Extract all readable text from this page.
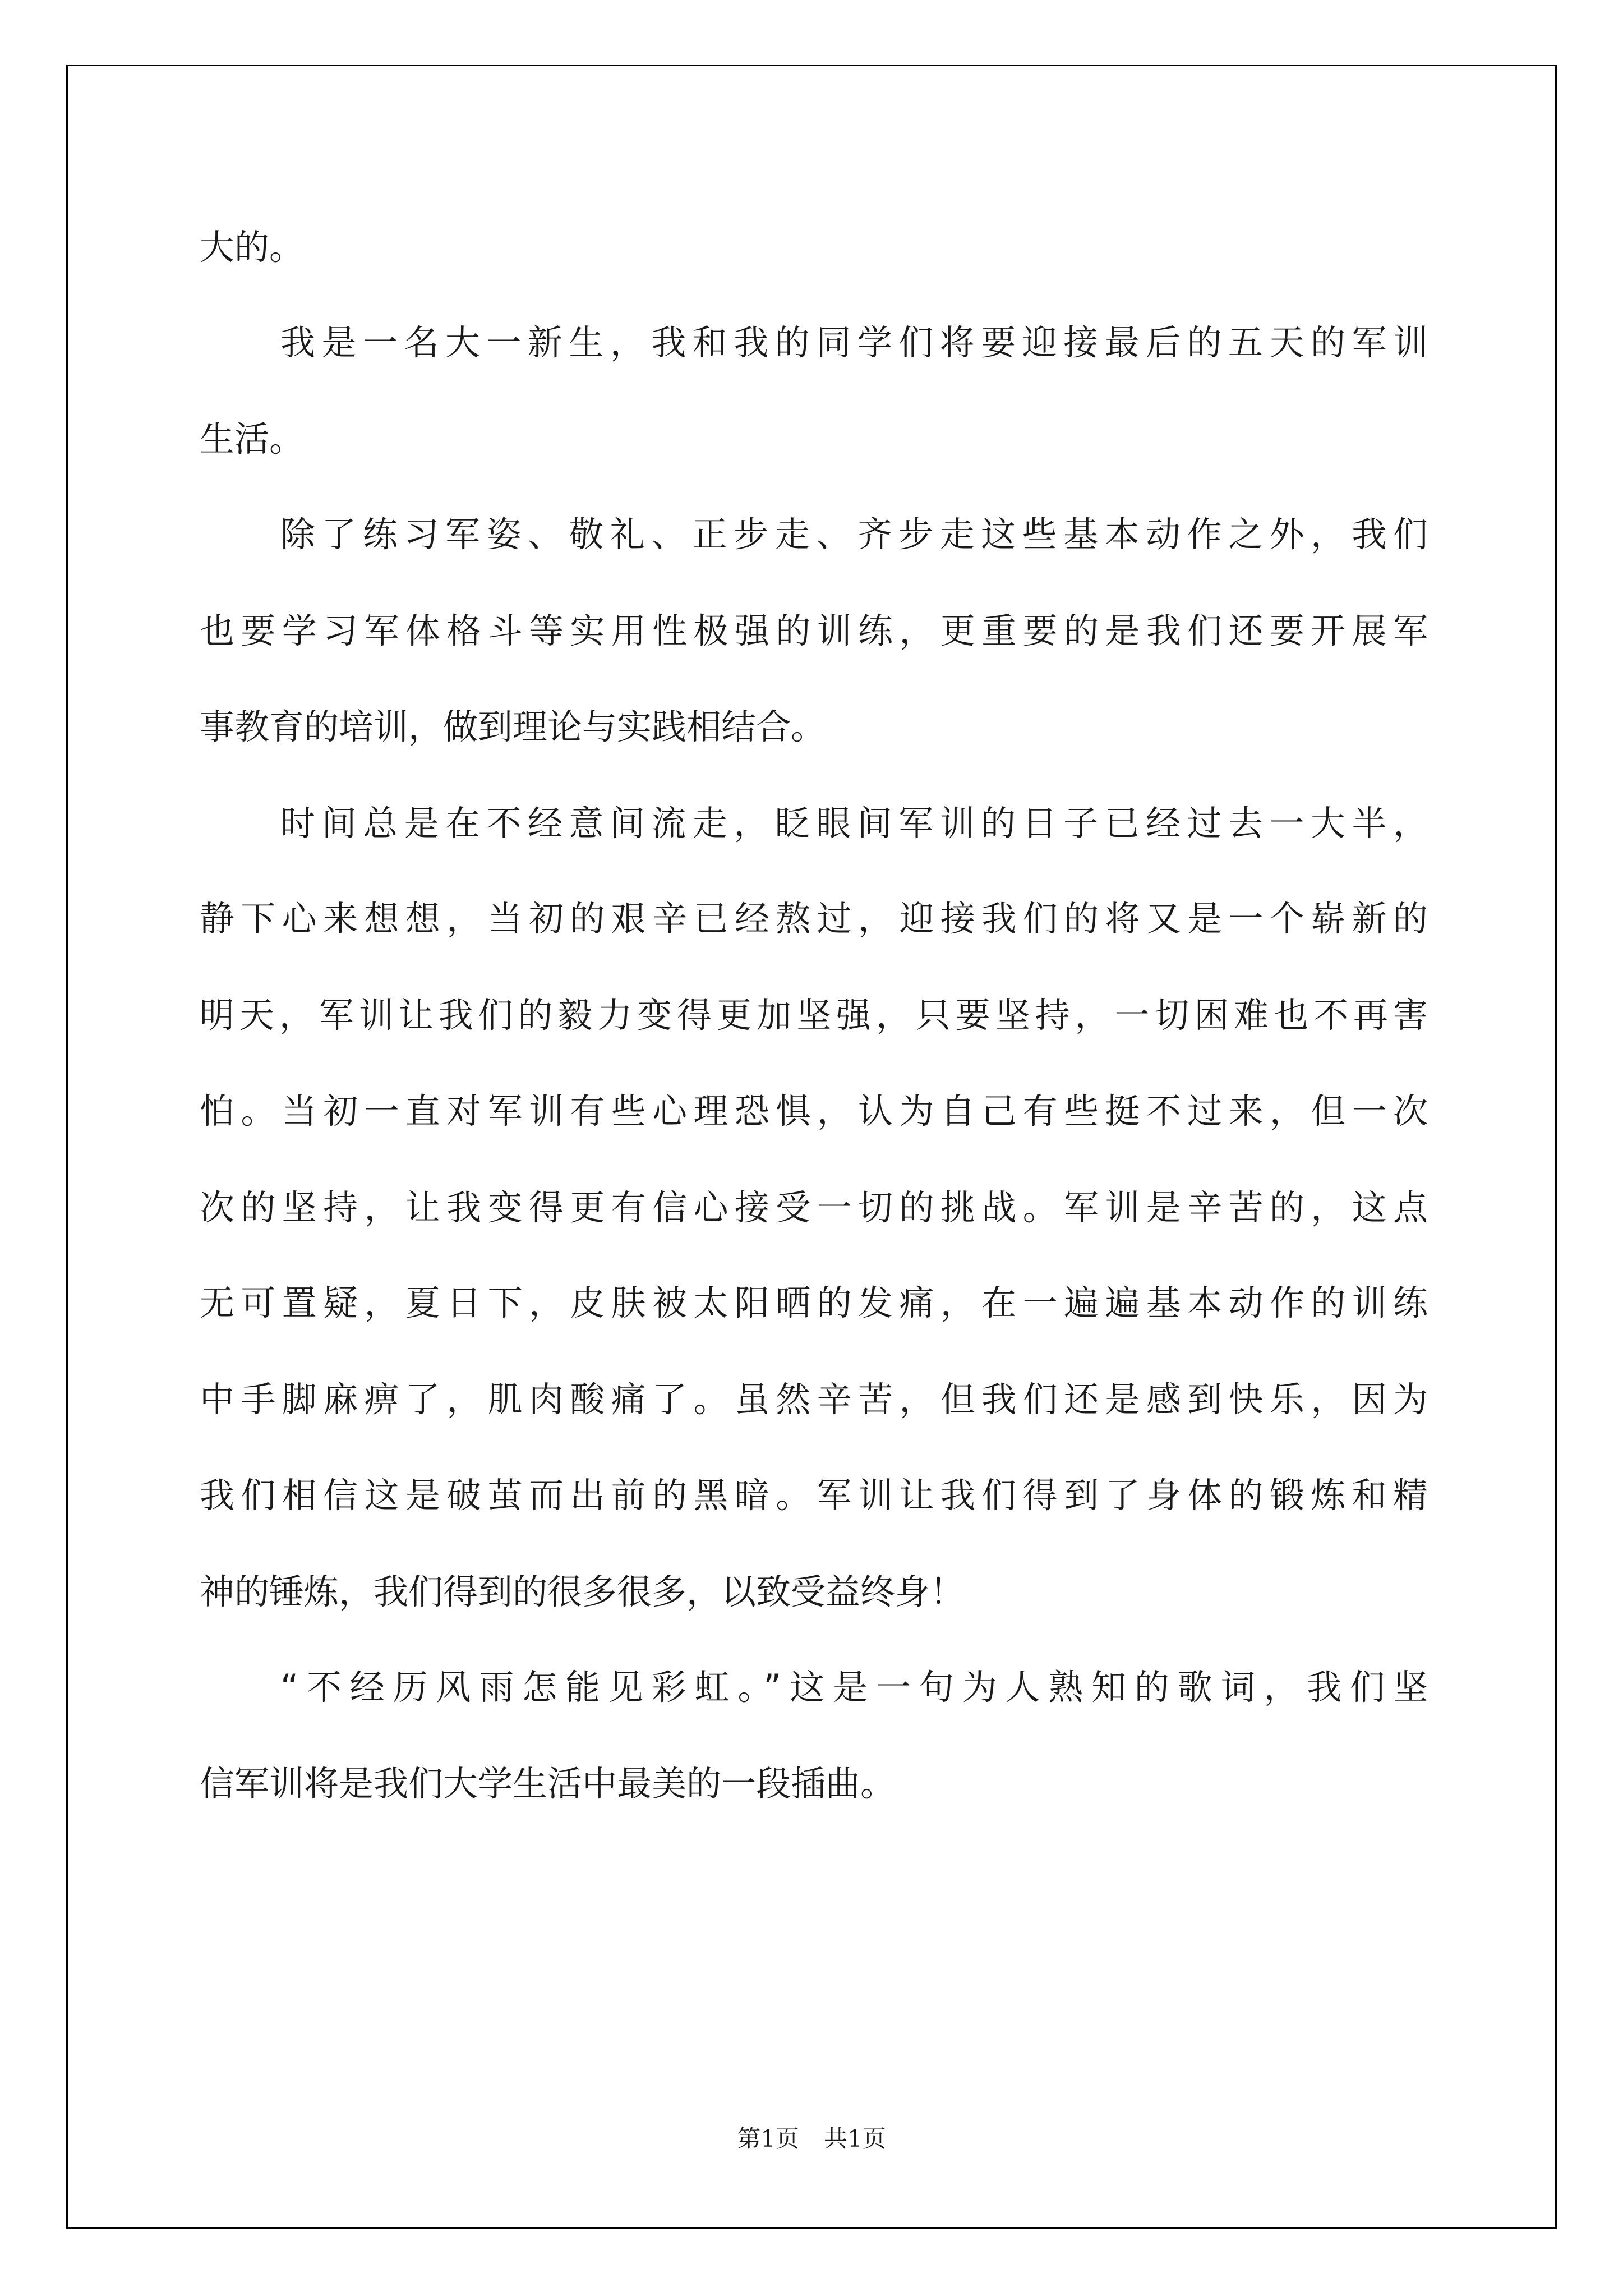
大的。
我是一名大一新生，我和我的同学们将要迎接最后的五天的军训
生活。
除了练习军姿、敬礼、正步走、齐步走这些基本动作之外，我们
也要学习军体格斗等实用性极强的训练，更重要的是我们还要开展军
事教育的培训，做到理论与实践相结合。
时间总是在不经意间流走，眨眼间军训的日子已经过去一大半，
静下心来想想，当初的艰辛已经熬过，迎接我们的将又是一个崭新的
明天，军训让我们的毅力变得更加坚强，只要坚持，一切困难也不再害
怕。当初一直对军训有些心理恐惧，认为自己有些挺不过来，但一次
次的坚持，让我变得更有信心接受一切的挑战。军训是辛苦的，这点
无可置疑，夏日下，皮肤被太阳晒的发痛，在一遍遍基本动作的训练
中手脚麻痹了，肌肉酸痛了。虽然辛苦，但我们还是感到快乐，因为
我们相信这是破茧而出前的黑暗。军训让我们得到了身体的锻炼和精
神的锤炼，我们得到的很多很多，以致受益终身！
“不经历风雨怎能见彩虹。”这是一句为人熟知的歌词，我们坚
信军训将是我们大学生活中最美的一段插曲。
第1页 共1页
